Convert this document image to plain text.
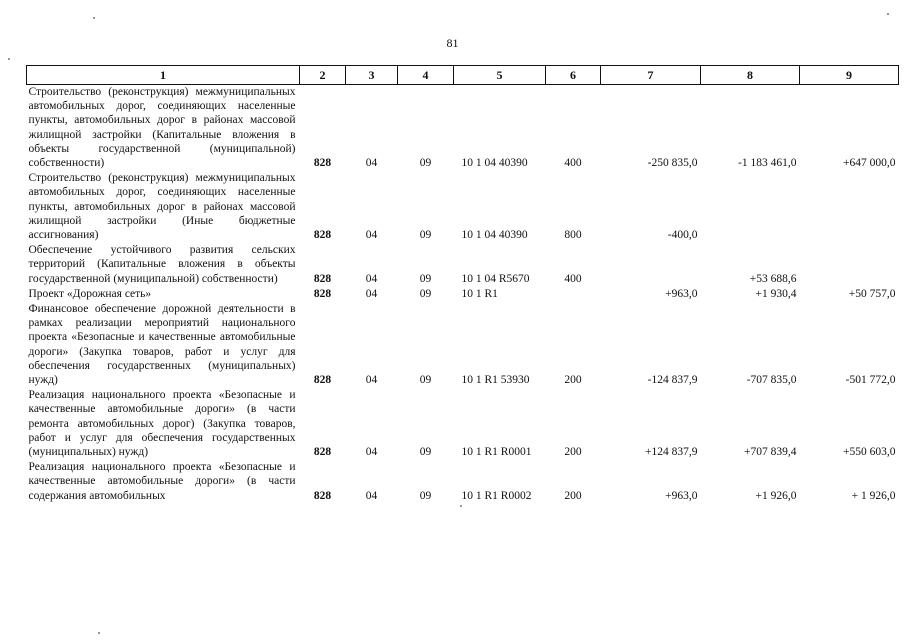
81
1	2	3	4	5	6	7	8	9
Строительство (реконструкция) межмуниципальных автомобильных дорог, соединяющих населенные пункты, автомобильных дорог в районах массовой жилищной застройки (Капитальные вложения в объекты государственной (муниципальной) собственности)	828	04	09	10 1 04 40390	400	-250 835,0	-1 183 461,0	+647 000,0
Строительство (реконструкция) межмуниципальных автомобильных дорог, соединяющих населенные пункты, автомобильных дорог в районах массовой жилищной застройки (Иные бюджетные ассигнования)	828	04	09	10 1 04 40390	800	-400,0		
Обеспечение устойчивого развития сельских территорий (Капитальные вложения в объекты государственной (муниципальной) собственности)	828	04	09	10 1 04 R5670	400		+53 688,6	
Проект «Дорожная сеть»	828	04	09	10 1 R1		+963,0	+1 930,4	+50 757,0
Финансовое обеспечение дорожной деятельности в рамках реализации мероприятий национального проекта «Безопасные и качественные автомобильные дороги» (Закупка товаров, работ и услуг для обеспечения государственных (муниципальных) нужд)	828	04	09	10 1 R1 53930	200	-124 837,9	-707 835,0	-501 772,0
Реализация национального проекта «Безопасные и качественные автомобильные дороги» (в части ремонта автомобильных дорог) (Закупка товаров, работ и услуг для обеспечения государственных (муниципальных) нужд)	828	04	09	10 1 R1 R0001	200	+124 837,9	+707 839,4	+550 603,0
Реализация национального проекта «Безопасные и качественные автомобильные дороги» (в части содержания автомобильных	828	04	09	10 1 R1 R0002	200	+963,0	+1 926,0	+ 1 926,0
